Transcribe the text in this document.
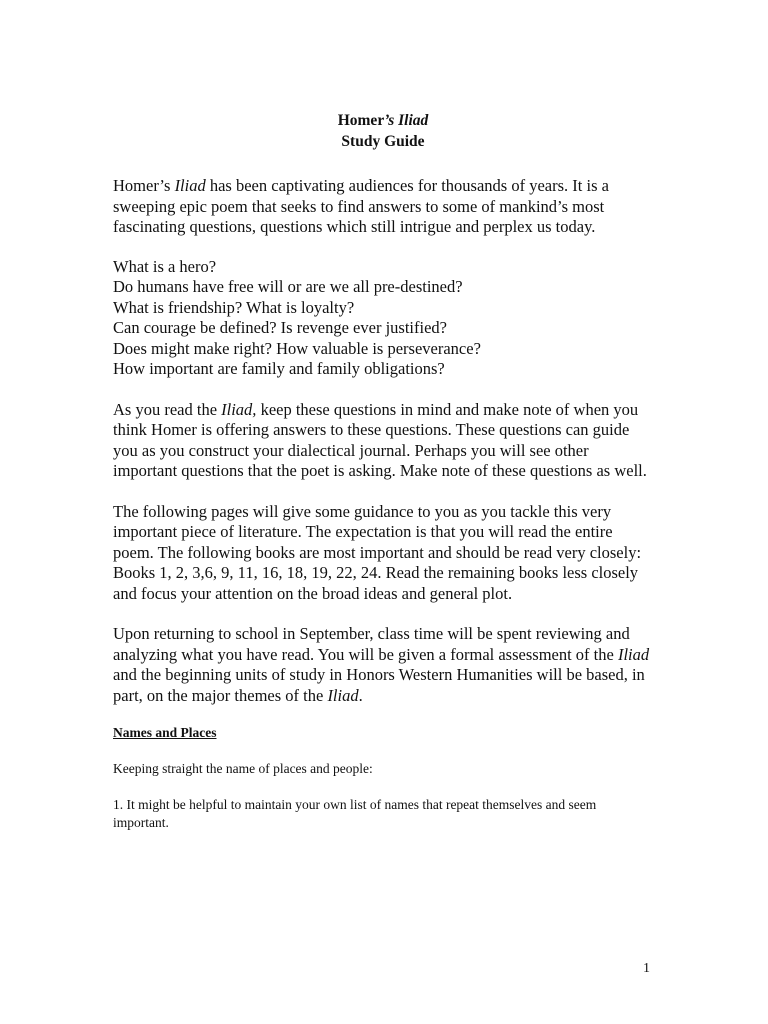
Homer’s Iliad

Study Guide

Homer’s Iliad has been captivating audiences for thousands of years. It is a sweeping epic poem that seeks to find answers to some of mankind’s most fascinating questions, questions which still intrigue and perplex us today.

What is a hero?
Do humans have free will or are we all pre-destined?
What is friendship? What is loyalty?
Can courage be defined? Is revenge ever justified?
Does might make right? How valuable is perseverance?
How important are family and family obligations?

As you read the Iliad, keep these questions in mind and make note of when you think Homer is offering answers to these questions. These questions can guide you as you construct your dialectical journal. Perhaps you will see other important questions that the poet is asking. Make note of these questions as well.

The following pages will give some guidance to you as you tackle this very important piece of literature. The expectation is that you will read the entire poem. The following books are most important and should be read very closely: Books 1, 2, 3,6, 9, 11, 16, 18, 19, 22, 24. Read the remaining books less closely and focus your attention on the broad ideas and general plot.

Upon returning to school in September, class time will be spent reviewing and analyzing what you have read. You will be given a formal assessment of the Iliad and the beginning units of study in Honors Western Humanities will be based, in part, on the major themes of the Iliad.

Names and Places

Keeping straight the name of places and people:

1. It might be helpful to maintain your own list of names that repeat themselves and seem important.

1
